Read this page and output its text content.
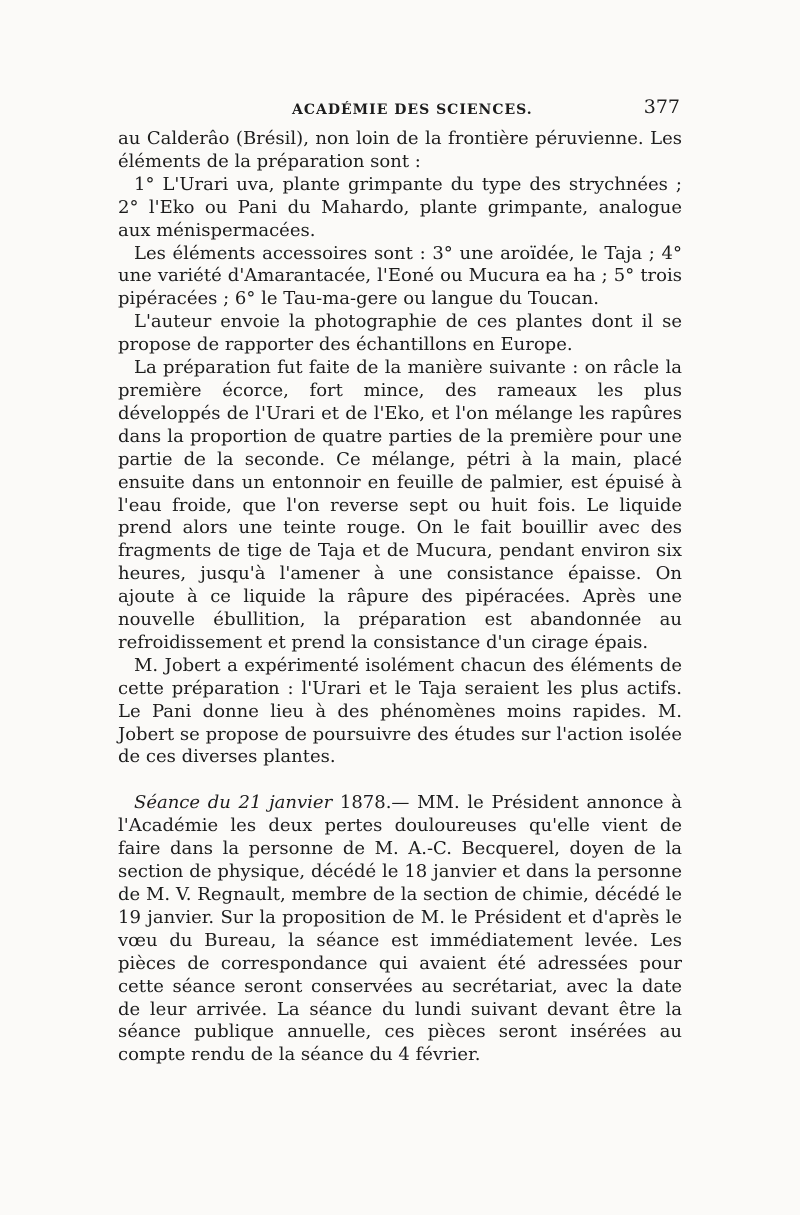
ACADÉMIE DES SCIENCES.	377

au Calderâo (Brésil), non loin de la frontière péruvienne. Les éléments de la préparation sont :

1° L'Urari uva, plante grimpante du type des strychnées ; 2° l'Eko ou Pani du Mahardo, plante grimpante, analogue aux ménispermacées.

Les éléments accessoires sont : 3° une aroïdée, le Taja ; 4° une variété d'Amarantacée, l'Eoné ou Mucura ea ha ; 5° trois pipéracées ; 6° le Tau-ma-gere ou langue du Toucan.

L'auteur envoie la photographie de ces plantes dont il se propose de rapporter des échantillons en Europe.

La préparation fut faite de la manière suivante : on râcle la première écorce, fort mince, des rameaux les plus développés de l'Urari et de l'Eko, et l'on mélange les rapûres dans la proportion de quatre parties de la première pour une partie de la seconde. Ce mélange, pétri à la main, placé ensuite dans un entonnoir en feuille de palmier, est épuisé à l'eau froide, que l'on reverse sept ou huit fois. Le liquide prend alors une teinte rouge. On le fait bouillir avec des fragments de tige de Taja et de Mucura, pendant environ six heures, jusqu'à l'amener à une consistance épaisse. On ajoute à ce liquide la râpure des pipéracées. Après une nouvelle ébullition, la préparation est abandonnée au refroidissement et prend la consistance d'un cirage épais.

M. Jobert a expérimenté isolément chacun des éléments de cette préparation : l'Urari et le Taja seraient les plus actifs. Le Pani donne lieu à des phénomènes moins rapides. M. Jobert se propose de poursuivre des études sur l'action isolée de ces diverses plantes.

Séance du 21 janvier 1878.— MM. le Président annonce à l'Académie les deux pertes douloureuses qu'elle vient de faire dans la personne de M. A.-C. Becquerel, doyen de la section de physique, décédé le 18 janvier et dans la personne de M. V. Regnault, membre de la section de chimie, décédé le 19 janvier. Sur la proposition de M. le Président et d'après le vœu du Bureau, la séance est immédiatement levée. Les pièces de correspondance qui avaient été adressées pour cette séance seront conservées au secrétariat, avec la date de leur arrivée. La séance du lundi suivant devant être la séance publique annuelle, ces pièces seront insérées au compte rendu de la séance du 4 février.
